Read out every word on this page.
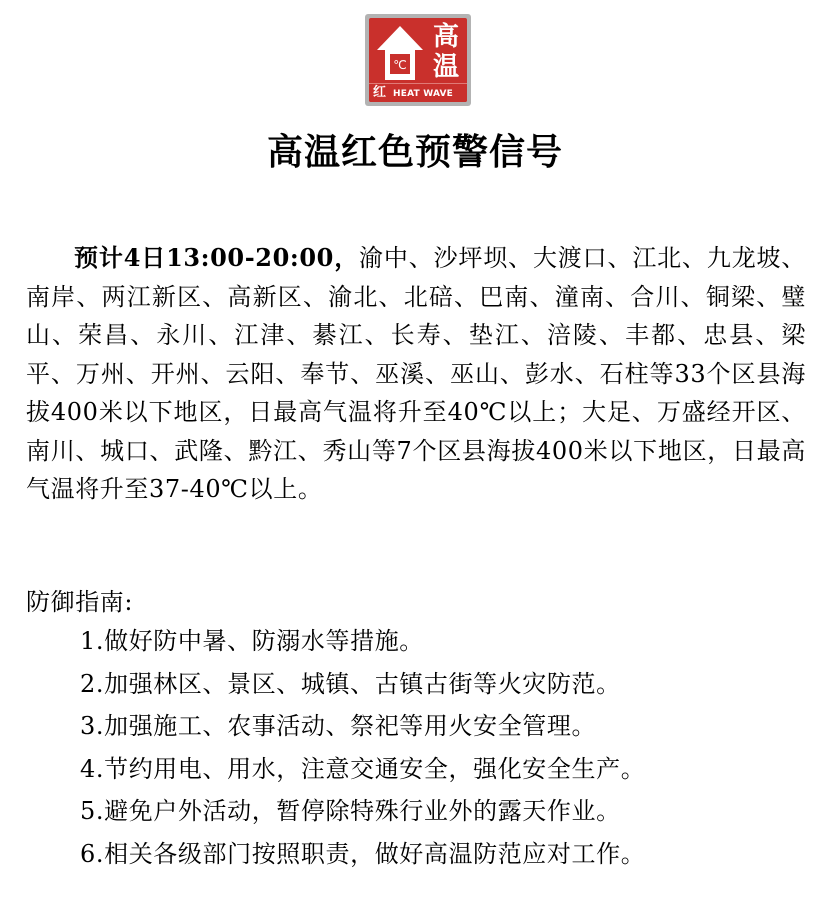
℃
高
温
红 HEAT WAVE
高温红色预警信号

预计4日13:00-20:00，渝中、沙坪坝、大渡口、江北、九龙坡、南岸、两江新区、高新区、渝北、北碚、巴南、潼南、合川、铜梁、璧山、荣昌、永川、江津、綦江、长寿、垫江、涪陵、丰都、忠县、梁平、万州、开州、云阳、奉节、巫溪、巫山、彭水、石柱等33个区县海拔400米以下地区，日最高气温将升至40℃以上；大足、万盛经开区、南川、城口、武隆、黔江、秀山等7个区县海拔400米以下地区，日最高气温将升至37-40℃以上。

防御指南:
1.做好防中暑、防溺水等措施。
2.加强林区、景区、城镇、古镇古街等火灾防范。
3.加强施工、农事活动、祭祀等用火安全管理。
4.节约用电、用水，注意交通安全，强化安全生产。
5.避免户外活动，暂停除特殊行业外的露天作业。
6.相关各级部门按照职责，做好高温防范应对工作。
